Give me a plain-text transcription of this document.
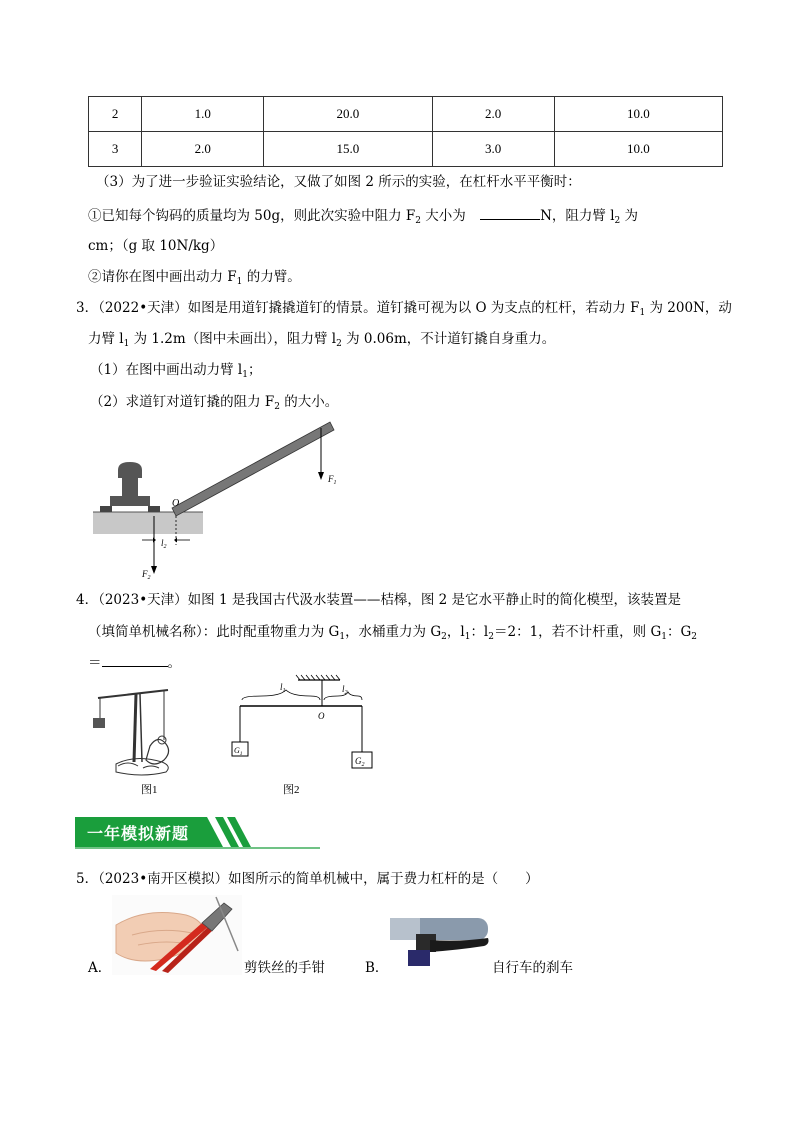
2	1.0	20.0	2.0	10.0
3	2.0	15.0	3.0	10.0
（3）为了进一步验证实验结论，又做了如图 2 所示的实验，在杠杆水平平衡时：
①已知每个钩码的质量均为 50g，则此次实验中阻力 $F_2$ 大小为	N，阻力臂 $l_2$ 为
cm；（g 取 10N/kg）
②请你在图中画出动力 $F_1$ 的力臂。
3．（2022•天津）如图是用道钉撬撬道钉的情景。道钉撬可视为以 O 为支点的杠杆，若动力 $F_1$ 为 200N，动
力臂 $l_1$ 为 1.2m（图中未画出），阻力臂 $l_2$ 为 0.06m，不计道钉撬自身重力。
（1）在图中画出动力臂 $l_1$；
（2）求道钉对道钉撬的阻力 $F_2$ 的大小。
O
$F_1$
$l_2$
$F_2$
4．（2023•天津）如图 1 是我国古代汲水装置——桔槔，图 2 是它水平静止时的简化模型，该装置是
（填简单机械名称）：此时配重物重力为 $G_1$，水桶重力为 $G_2$，$l_1$：$l_2=2$：1，若不计杆重，则 $G_1$：$G_2$
＝	。
图1
$l_1$	$l_2$
O
$G_1$
$G_2$
图2
一年模拟新题
5．（2023•南开区模拟）如图所示的简单机械中，属于费力杠杆的是（　　）
A．	剪铁丝的手钳	B．	自行车的刹车
